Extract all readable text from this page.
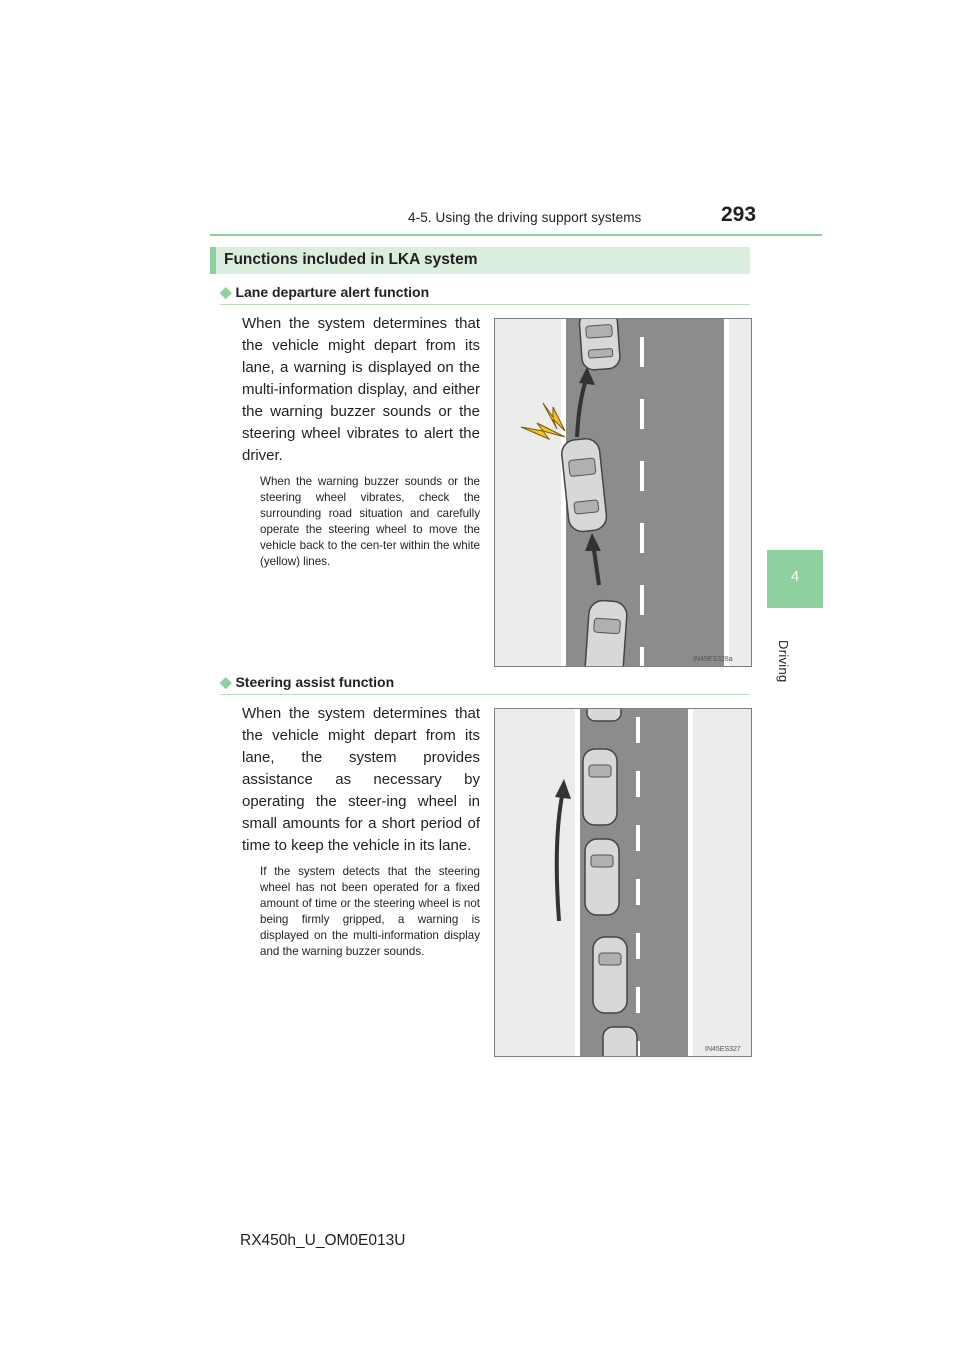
4-5. Using the driving support systems	293
4
Driving
Functions included in LKA system
◆ Lane departure alert function
When the system determines that the vehicle might depart from its lane, a warning is displayed on the multi-information display, and either the warning buzzer sounds or the steering wheel vibrates to alert the driver.
When the warning buzzer sounds or the steering wheel vibrates, check the surrounding road situation and carefully operate the steering wheel to move the vehicle back to the cen-ter within the white (yellow) lines.
IN45ES328a
◆ Steering assist function
When the system determines that the vehicle might depart from its lane, the system provides assistance as necessary by operating the steer-ing wheel in small amounts for a short period of time to keep the vehicle in its lane.
If the system detects that the steering wheel has not been operated for a fixed amount of time or the steering wheel is not being firmly gripped, a warning is displayed on the multi-information display and the warning buzzer sounds.
IN45ES327
RX450h_U_OM0E013U
